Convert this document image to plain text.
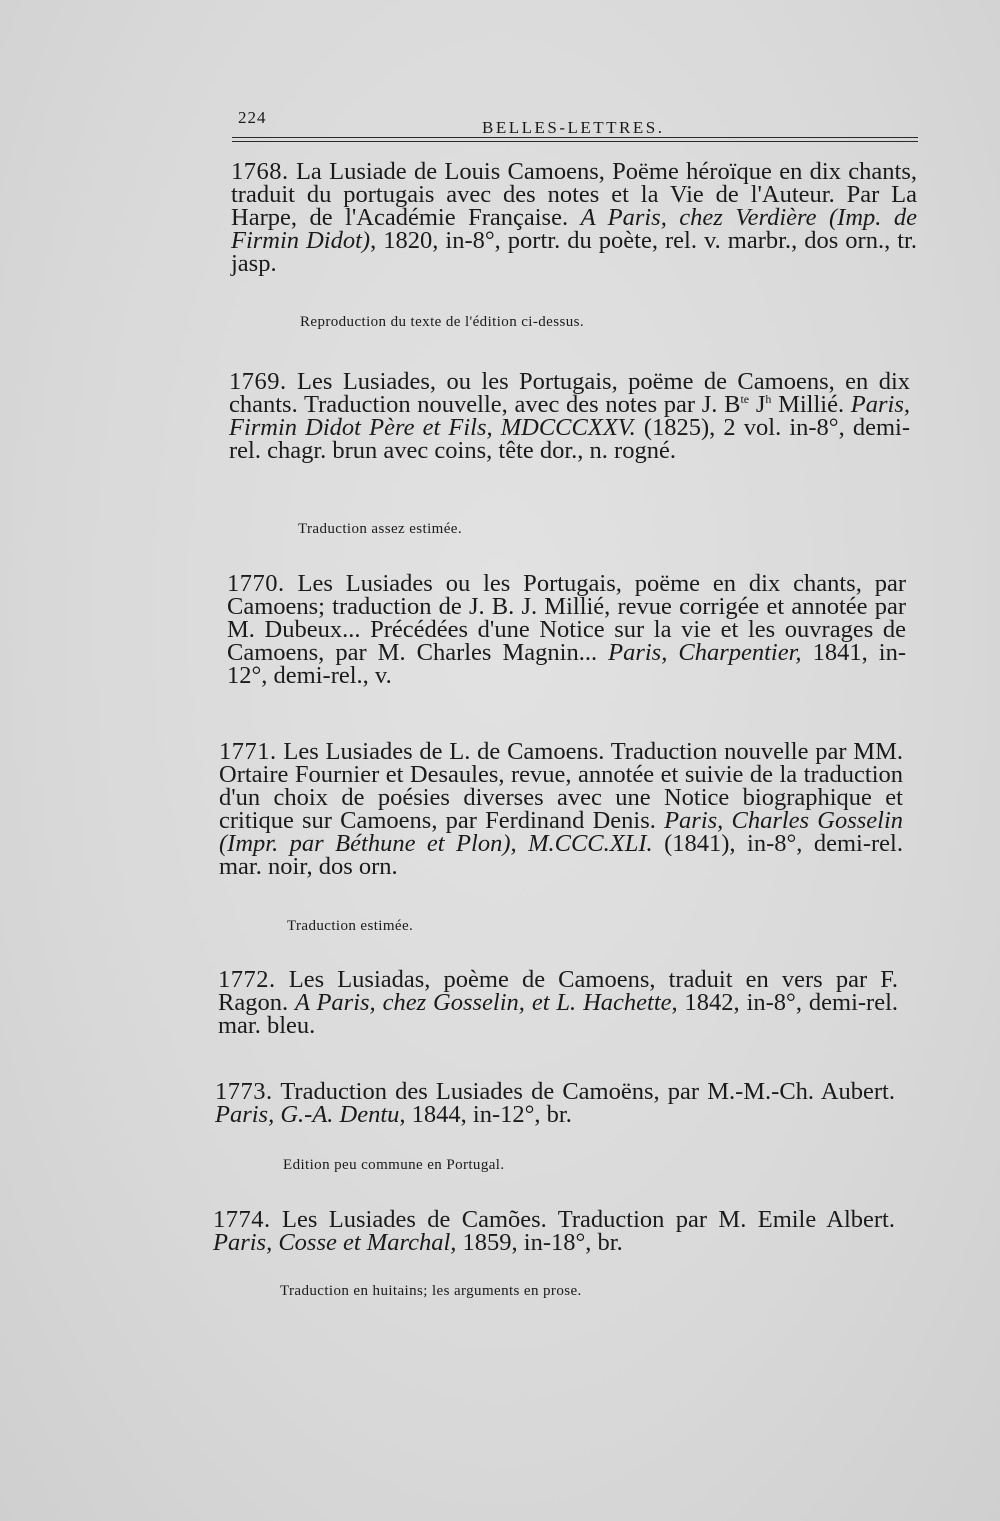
224
BELLES-LETTRES.

1768. La Lusiade de Louis Camoens, Poëme héroïque en dix chants, traduit du portugais avec des notes et la Vie de l'Auteur. Par La Harpe, de l'Académie Française. A Paris, chez Verdière (Imp. de Firmin Didot), 1820, in-8°, portr. du poète, rel. v. marbr., dos orn., tr. jasp.

Reproduction du texte de l'édition ci-dessus.

1769. Les Lusiades, ou les Portugais, poëme de Camoens, en dix chants. Traduction nouvelle, avec des notes par J. $B^{te}$ $J^h$ Millié. Paris, Firmin Didot Père et Fils, MDCCCXXV. (1825), 2 vol. in-8°, demi-rel. chagr. brun avec coins, tête dor., n. rogné.

Traduction assez estimée.

1770. Les Lusiades ou les Portugais, poëme en dix chants, par Camoens; traduction de J. B. J. Millié, revue corrigée et annotée par M. Dubeux... Précédées d'une Notice sur la vie et les ouvrages de Camoens, par M. Charles Magnin... Paris, Charpentier, 1841, in-12°, demi-rel., v.

1771. Les Lusiades de L. de Camoens. Traduction nouvelle par MM. Ortaire Fournier et Desaules, revue, annotée et suivie de la traduction d'un choix de poésies diverses avec une Notice biographique et critique sur Camoens, par Ferdinand Denis. Paris, Charles Gosselin (Impr. par Béthune et Plon), M.CCC.XLI. (1841), in-8°, demi-rel. mar. noir, dos orn.

Traduction estimée.

1772. Les Lusiadas, poème de Camoens, traduit en vers par F. Ragon. A Paris, chez Gosselin, et L. Hachette, 1842, in-8°, demi-rel. mar. bleu.

1773. Traduction des Lusiades de Camoëns, par M.-M.-Ch. Aubert. Paris, G.-A. Dentu, 1844, in-12°, br.

Edition peu commune en Portugal.

1774. Les Lusiades de Camões. Traduction par M. Emile Albert. Paris, Cosse et Marchal, 1859, in-18°, br.

Traduction en huitains; les arguments en prose.
